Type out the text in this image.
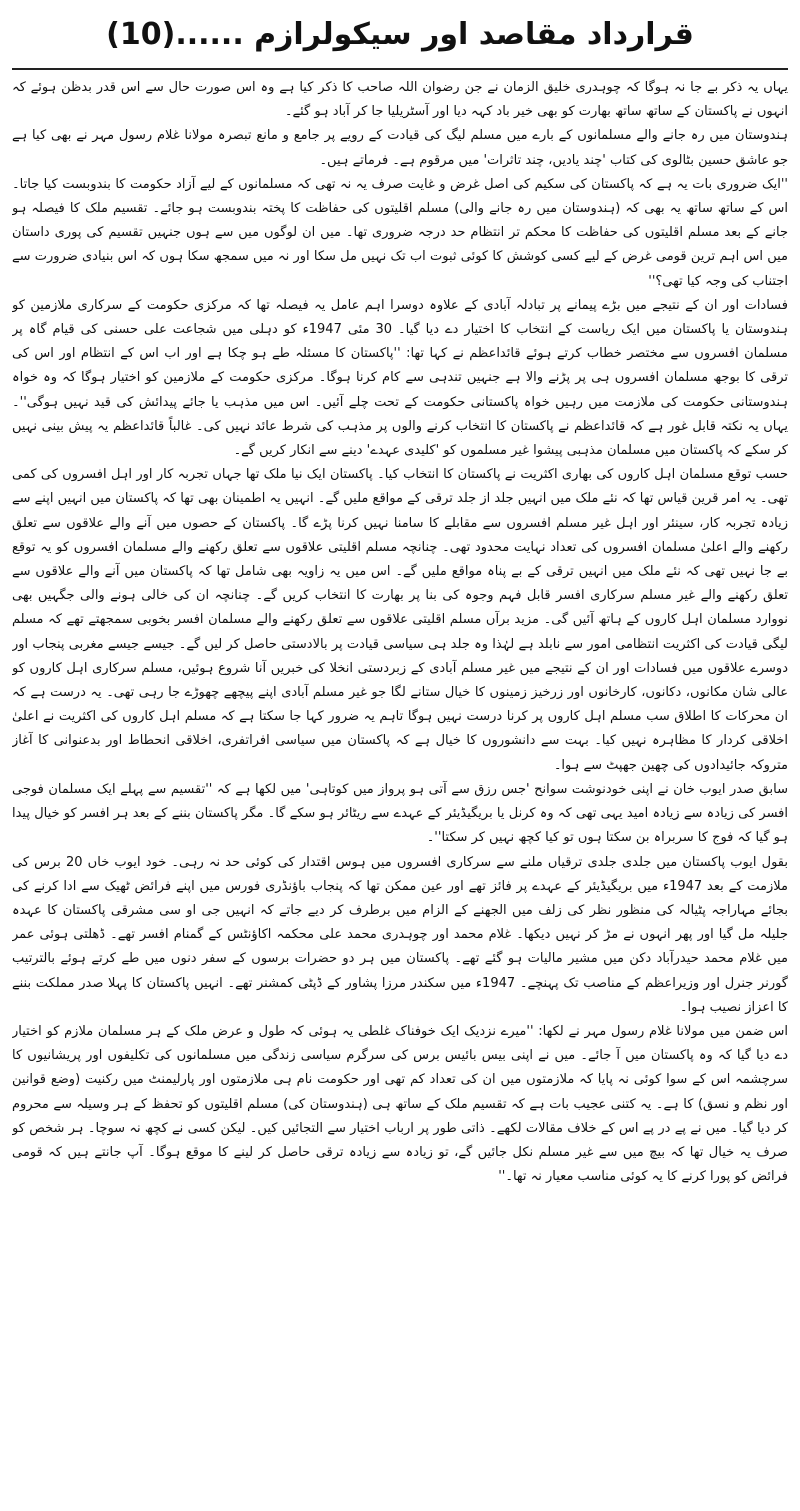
قرارداد مقاصد اور سیکولرازم ......(10)

یہاں یہ ذکر بے جا نہ ہوگا کہ چوہدری خلیق الزمان نے جن رضوان اللہ صاحب کا ذکر کیا ہے وہ اس صورت حال سے اس قدر بدظن ہوئے کہ انہوں نے پاکستان کے ساتھ ساتھ بھارت کو بھی خیر باد کہہ دیا اور آسٹریلیا جا کر آباد ہو گئے۔

ہندوستان میں رہ جانے والے مسلمانوں کے بارے میں مسلم لیگ کی قیادت کے رویے پر جامع و مانع تبصرہ مولانا غلام رسول مہر نے بھی کیا ہے جو عاشق حسین بٹالوی کی کتاب 'چند یادیں، چند تاثرات' میں مرقوم ہے۔ فرماتے ہیں۔

''ایک ضروری بات یہ ہے کہ پاکستان کی سکیم کی اصل غرض و غایت صرف یہ نہ تھی کہ مسلمانوں کے لیے آزاد حکومت کا بندوبست کیا جاتا۔ اس کے ساتھ ساتھ یہ بھی کہ (ہندوستان میں رہ جانے والی) مسلم اقلیتوں کی حفاظت کا پختہ بندوبست ہو جائے۔ تقسیم ملک کا فیصلہ ہو جانے کے بعد مسلم اقلیتوں کی حفاظت کا محکم تر انتظام حد درجہ ضروری تھا۔ میں ان لوگوں میں سے ہوں جنہیں تقسیم کی پوری داستان میں اس اہم ترین قومی غرض کے لیے کسی کوشش کا کوئی ثبوت اب تک نہیں مل سکا اور نہ میں سمجھ سکا ہوں کہ اس بنیادی ضرورت سے اجتناب کی وجہ کیا تھی؟''

فسادات اور ان کے نتیجے میں بڑے پیمانے پر تبادلہ آبادی کے علاوہ دوسرا اہم عامل یہ فیصلہ تھا کہ مرکزی حکومت کے سرکاری ملازمین کو ہندوستان یا پاکستان میں ایک ریاست کے انتخاب کا اختیار دے دیا گیا۔ 30 مئی 1947ء کو دہلی میں شجاعت علی حسنی کی قیام گاہ پر مسلمان افسروں سے مختصر خطاب کرتے ہوئے قائداعظم نے کہا تھا: ''پاکستان کا مسئلہ طے ہو چکا ہے اور اب اس کے انتظام اور اس کی ترقی کا بوجھ مسلمان افسروں ہی پر پڑنے والا ہے جنہیں تندہی سے کام کرنا ہوگا۔ مرکزی حکومت کے ملازمین کو اختیار ہوگا کہ وہ خواہ ہندوستانی حکومت کی ملازمت میں رہیں خواہ پاکستانی حکومت کے تحت چلے آئیں۔ اس میں مذہب یا جائے پیدائش کی قید نہیں ہوگی''۔ یہاں یہ نکتہ قابل غور ہے کہ قائداعظم نے پاکستان کا انتخاب کرنے والوں پر مذہب کی شرط عائد نہیں کی۔ غالباً قائداعظم یہ پیش بینی نہیں کر سکے کہ پاکستان میں مسلمان مذہبی پیشوا غیر مسلموں کو 'کلیدی عہدے' دینے سے انکار کریں گے۔

حسب توقع مسلمان اہل کاروں کی بھاری اکثریت نے پاکستان کا انتخاب کیا۔ پاکستان ایک نیا ملک تھا جہاں تجربہ کار اور اہل افسروں کی کمی تھی۔ یہ امر قرین قیاس تھا کہ نئے ملک میں انہیں جلد از جلد ترقی کے مواقع ملیں گے۔ انہیں یہ اطمینان بھی تھا کہ پاکستان میں انہیں اپنے سے زیادہ تجربہ کار، سینئر اور اہل غیر مسلم افسروں سے مقابلے کا سامنا نہیں کرنا پڑے گا۔ پاکستان کے حصوں میں آنے والے علاقوں سے تعلق رکھنے والے اعلیٰ مسلمان افسروں کی تعداد نہایت محدود تھی۔ چنانچہ مسلم اقلیتی علاقوں سے تعلق رکھنے والے مسلمان افسروں کو یہ توقع بے جا نہیں تھی کہ نئے ملک میں انہیں ترقی کے بے پناہ مواقع ملیں گے۔ اس میں یہ زاویہ بھی شامل تھا کہ پاکستان میں آنے والے علاقوں سے تعلق رکھنے والے غیر مسلم سرکاری افسر قابل فہم وجوہ کی بنا پر بھارت کا انتخاب کریں گے۔ چنانچہ ان کی خالی ہونے والی جگہیں بھی نووارد مسلمان اہل کاروں کے ہاتھ آئیں گی۔ مزید برآں مسلم اقلیتی علاقوں سے تعلق رکھنے والے مسلمان افسر بخوبی سمجھتے تھے کہ مسلم لیگی قیادت کی اکثریت انتظامی امور سے نابلد ہے لہٰذا وہ جلد ہی سیاسی قیادت پر بالادستی حاصل کر لیں گے۔ جیسے جیسے مغربی پنجاب اور دوسرے علاقوں میں فسادات اور ان کے نتیجے میں غیر مسلم آبادی کے زبردستی انخلا کی خبریں آنا شروع ہوئیں، مسلم سرکاری اہل کاروں کو عالی شان مکانوں، دکانوں، کارخانوں اور زرخیز زمینوں کا خیال ستانے لگا جو غیر مسلم آبادی اپنے پیچھے چھوڑے جا رہی تھی۔ یہ درست ہے کہ ان محرکات کا اطلاق سب مسلم اہل کاروں پر کرنا درست نہیں ہوگا تاہم یہ ضرور کہا جا سکتا ہے کہ مسلم اہل کاروں کی اکثریت نے اعلیٰ اخلاقی کردار کا مظاہرہ نہیں کیا۔ بہت سے دانشوروں کا خیال ہے کہ پاکستان میں سیاسی افراتفری، اخلاقی انحطاط اور بدعنوانی کا آغاز متروکہ جائیدادوں کی چھین جھپٹ سے ہوا۔

سابق صدر ایوب خان نے اپنی خودنوشت سوانح 'جس رزق سے آتی ہو پرواز میں کوتاہی' میں لکھا ہے کہ ''تقسیم سے پہلے ایک مسلمان فوجی افسر کی زیادہ سے زیادہ امید یہی تھی کہ وہ کرنل یا بریگیڈیئر کے عہدے سے ریٹائر ہو سکے گا۔ مگر پاکستان بننے کے بعد ہر افسر کو خیال پیدا ہو گیا کہ فوج کا سربراہ بن سکتا ہوں تو کیا کچھ نہیں کر سکتا''۔

بقول ایوب پاکستان میں جلدی جلدی ترقیاں ملنے سے سرکاری افسروں میں ہوس اقتدار کی کوئی حد نہ رہی۔ خود ایوب خاں 20 برس کی ملازمت کے بعد 1947ء میں بریگیڈیئر کے عہدے پر فائز تھے اور عین ممکن تھا کہ پنجاب باؤنڈری فورس میں اپنے فرائض ٹھیک سے ادا کرنے کی بجائے مہاراجہ پٹیالہ کی منظور نظر کی زلف میں الجھنے کے الزام میں برطرف کر دیے جاتے کہ انہیں جی او سی مشرقی پاکستان کا عہدہ جلیلہ مل گیا اور پھر انہوں نے مڑ کر نہیں دیکھا۔ غلام محمد اور چوہدری محمد علی محکمہ اکاؤنٹس کے گمنام افسر تھے۔ ڈھلتی ہوئی عمر میں غلام محمد حیدرآباد دکن میں مشیر مالیات ہو گئے تھے۔ پاکستان میں ہر دو حضرات برسوں کے سفر دنوں میں طے کرتے ہوئے بالترتیب گورنر جنرل اور وزیراعظم کے مناصب تک پہنچے۔ 1947ء میں سکندر مرزا پشاور کے ڈپٹی کمشنر تھے۔ انہیں پاکستان کا پہلا صدر مملکت بننے کا اعزاز نصیب ہوا۔

اس ضمن میں مولانا غلام رسول مہر نے لکھا: ''میرے نزدیک ایک خوفناک غلطی یہ ہوئی کہ طول و عرض ملک کے ہر مسلمان ملازم کو اختیار دے دیا گیا کہ وہ پاکستان میں آ جائے۔ میں نے اپنی بیس بائیس برس کی سرگرم سیاسی زندگی میں مسلمانوں کی تکلیفوں اور پریشانیوں کا سرچشمہ اس کے سوا کوئی نہ پایا کہ ملازمتوں میں ان کی تعداد کم تھی اور حکومت نام ہی ملازمتوں اور پارلیمنٹ میں رکنیت (وضع قوانین اور نظم و نسق) کا ہے۔ یہ کتنی عجیب بات ہے کہ تقسیم ملک کے ساتھ ہی (ہندوستان کی) مسلم اقلیتوں کو تحفظ کے ہر وسیلہ سے محروم کر دیا گیا۔ میں نے پے در پے اس کے خلاف مقالات لکھے۔ ذاتی طور پر ارباب اختیار سے التجائیں کیں۔ لیکن کسی نے کچھ نہ سوچا۔ ہر شخص کو صرف یہ خیال تھا کہ بیچ میں سے غیر مسلم نکل جائیں گے، تو زیادہ سے زیادہ ترقی حاصل کر لینے کا موقع ہوگا۔ آپ جانتے ہیں کہ قومی فرائض کو پورا کرنے کا یہ کوئی مناسب معیار نہ تھا۔''
